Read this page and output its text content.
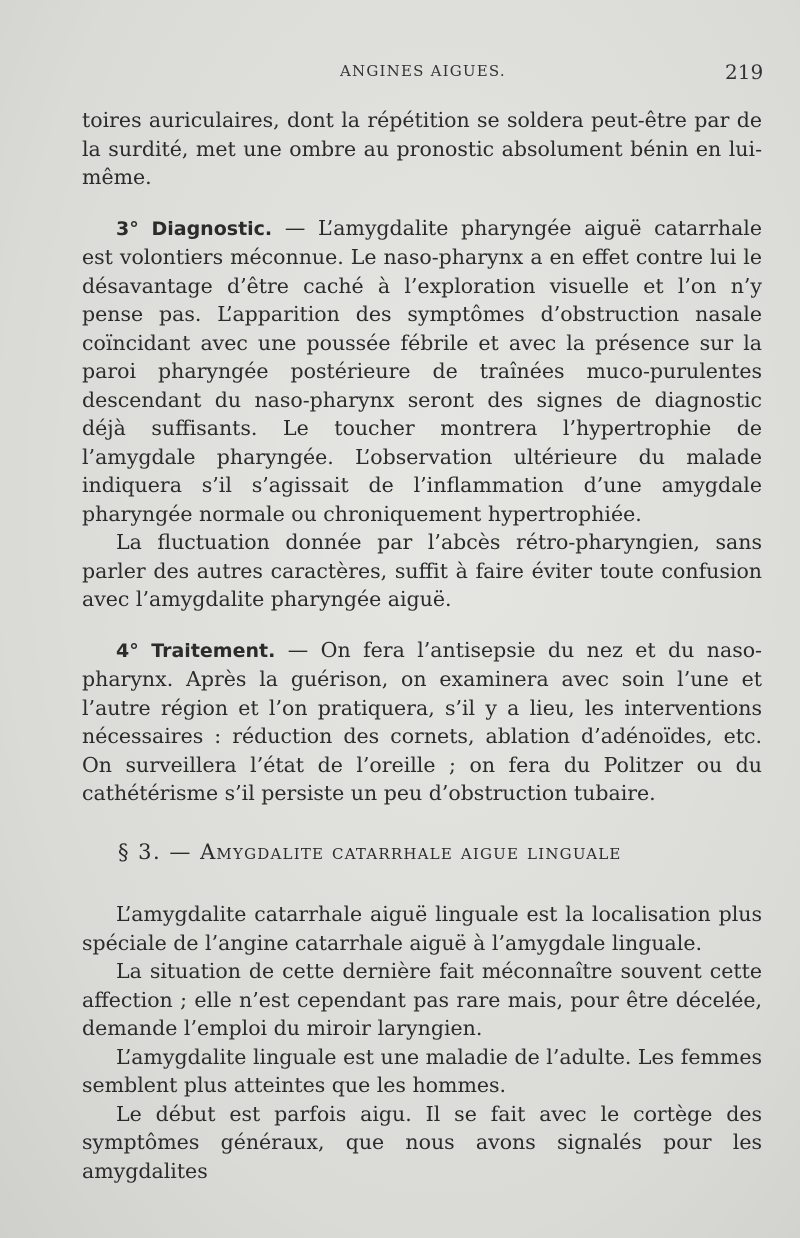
ANGINES AIGUES.	219

toires auriculaires, dont la répétition se soldera peut-être par de la surdité, met une ombre au pronostic absolument bénin en lui-même.

3° Diagnostic. — L’amygdalite pharyngée aiguë catarrhale est volontiers méconnue. Le naso-pharynx a en effet contre lui le désavantage d’être caché à l’exploration visuelle et l’on n’y pense pas. L’apparition des symptômes d’obstruction nasale coïncidant avec une poussée fébrile et avec la présence sur la paroi pharyngée postérieure de traînées muco-purulentes descendant du naso-pharynx seront des signes de diagnostic déjà suffisants. Le toucher montrera l’hypertrophie de l’amygdale pharyngée. L’observation ultérieure du malade indiquera s’il s’agissait de l’inflammation d’une amygdale pharyngée normale ou chroniquement hypertrophiée.

La fluctuation donnée par l’abcès rétro-pharyngien, sans parler des autres caractères, suffit à faire éviter toute confusion avec l’amygdalite pharyngée aiguë.

4° Traitement. — On fera l’antisepsie du nez et du naso-pharynx. Après la guérison, on examinera avec soin l’une et l’autre région et l’on pratiquera, s’il y a lieu, les interventions nécessaires : réduction des cornets, ablation d’adénoïdes, etc. On surveillera l’état de l’oreille ; on fera du Politzer ou du cathétérisme s’il persiste un peu d’obstruction tubaire.

§ 3. — Amygdalite catarrhale aigue linguale

L’amygdalite catarrhale aiguë linguale est la localisation plus spéciale de l’angine catarrhale aiguë à l’amygdale linguale.

La situation de cette dernière fait méconnaître souvent cette affection ; elle n’est cependant pas rare mais, pour être décelée, demande l’emploi du miroir laryngien.

L’amygdalite linguale est une maladie de l’adulte. Les femmes semblent plus atteintes que les hommes.

Le début est parfois aigu. Il se fait avec le cortège des symptômes généraux, que nous avons signalés pour les amygdalites
